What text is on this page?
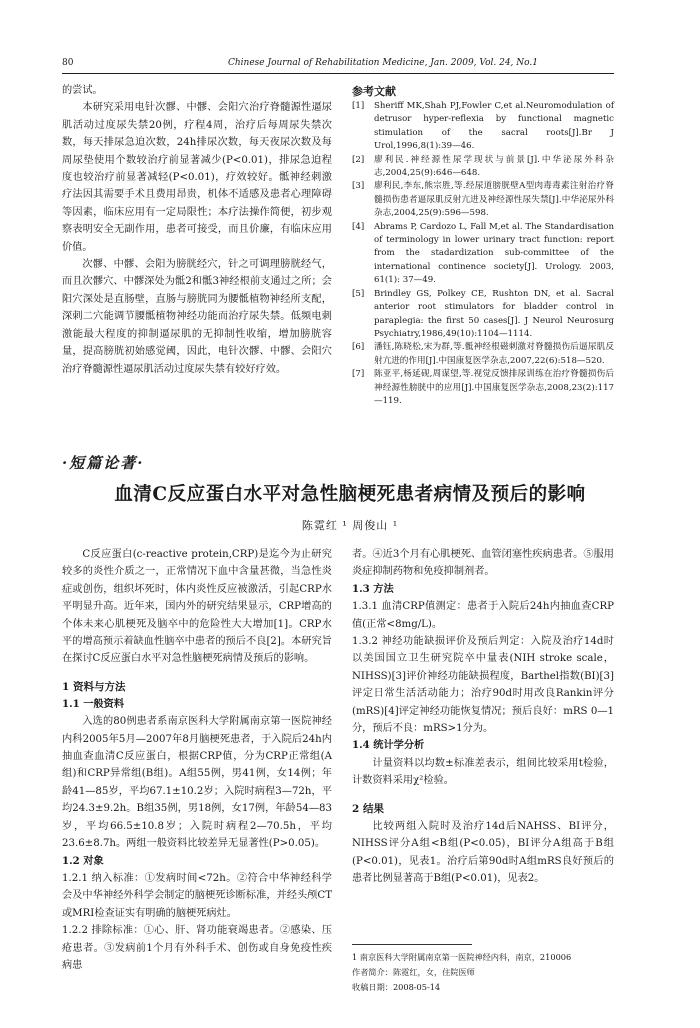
80	Chinese Journal of Rehabilitation Medicine, Jan. 2009, Vol. 24, No.1

的尝试。

本研究采用电针次髎、中髎、会阳穴治疗脊髓源性逼尿肌活动过度尿失禁20例，疗程4周，治疗后每周尿失禁次数，每天排尿急迫次数，24h排尿次数，每天夜尿次数及每周尿垫使用个数较治疗前显著减少(P<0.01)，排尿急迫程度也较治疗前显著减轻(P<0.01)，疗效较好。骶神经刺激疗法因其需要手术且费用昂贵，机体不适感及患者心理障碍等因素，临床应用有一定局限性；本疗法操作简便，初步观察表明安全无副作用，患者可接受，而且价廉，有临床应用价值。

次髎、中髎、会阳为膀胱经穴，针之可调理膀胱经气，而且次髎穴、中髎深处为骶2和骶3神经根前支通过之所；会阳穴深处是直肠壁，直肠与膀胱同为腰骶植物神经所支配，深刺二穴能调节腰骶植物神经功能而治疗尿失禁。低频电刺激能最大程度的抑制逼尿肌的无抑制性收缩，增加膀胱容量，提高膀胱初始感觉阈，因此，电针次髎、中髎、会阳穴治疗脊髓源性逼尿肌活动过度尿失禁有较好疗效。

参考文献
[1]	Sheriff MK,Shah PJ,Fowler C,et al.Neuromodulation of detrusor hyper-reflexia by functional magnetic stimulation of the sacral roots[J].Br J Urol,1996,8(1):39—46.
[2]	廖利民.神经源性尿学现状与前景[J].中华泌尿外科杂志,2004,25(9):646—648.
[3]	廖利民,李东,熊宗胜,等.经尿道膀胱壁A型肉毒毒素注射治疗脊髓损伤患者逼尿肌反射亢进及神经源性尿失禁[J].中华泌尿外科杂志,2004,25(9):596—598.
[4]	Abrams P, Cardozo L, Fall M,et al. The Standardisation of terminology in lower urinary tract function: report from the stadardization sub-committee of the international continence society[J]. Urology. 2003, 61(1): 37—49.
[5]	Brindley GS, Polkey CE, Rushton DN, et al. Sacral anterior root stimulators for bladder control in paraplegia: the first 50 cases[J]. J Neurol Neurosurg Psychiatry,1986,49(10):1104—1114.
[6]	潘钰,陈晓松,宋为群,等.骶神经根磁刺激对脊髓损伤后逼尿肌反射亢进的作用[J].中国康复医学杂志,2007,22(6):518—520.
[7]	陈亚平,杨延砚,周谋望,等.视觉反馈排尿训练在治疗脊髓损伤后神经源性膀胱中的应用[J].中国康复医学杂志,2008,23(2):117—119.
·短篇论著·
血清C反应蛋白水平对急性脑梗死患者病情及预后的影响
陈霓红 ¹ 周俊山 ¹

C反应蛋白(c-reactive protein,CRP)是迄今为止研究较多的炎性介质之一，正常情况下血中含量甚微，当急性炎症或创伤，组织坏死时，体内炎性反应被激活，引起CRP水平明显升高。近年来，国内外的研究结果显示，CRP增高的个体未来心肌梗死及脑卒中的危险性大大增加[1]。CRP水平的增高预示着缺血性脑卒中患者的预后不良[2]。本研究旨在探讨C反应蛋白水平对急性脑梗死病情及预后的影响。

1 资料与方法
1.1 一般资料

入选的80例患者系南京医科大学附属南京第一医院神经内科2005年5月—2007年8月脑梗死患者，于入院后24h内抽血查血清C反应蛋白，根据CRP值，分为CRP正常组(A组)和CRP异常组(B组)。A组55例，男41例，女14例；年龄41—85岁，平均67.1±10.2岁；入院时病程3—72h，平均24.3±9.2h。B组35例，男18例，女17例，年龄54—83岁，平均66.5±10.8岁；入院时病程2—70.5h，平均23.6±8.7h。两组一般资料比较差异无显著性(P>0.05)。

1.2 对象

1.2.1 纳入标准：①发病时间<72h。②符合中华神经科学会及中华神经外科学会制定的脑梗死诊断标准，并经头颅CT或MRI检查证实有明确的脑梗死病灶。

1.2.2 排除标准：①心、肝、肾功能衰竭患者。②感染、压疮患者。③发病前1个月有外科手术、创伤或自身免疫性疾病患

者。④近3个月有心肌梗死、血管闭塞性疾病患者。⑤服用炎症抑制药物和免疫抑制剂者。

1.3 方法

1.3.1 血清CRP值测定：患者于入院后24h内抽血查CRP值(正常<8mg/L)。

1.3.2 神经功能缺损评价及预后判定：入院及治疗14d时以美国国立卫生研究院卒中量表(NIH stroke scale，NIHSS)[3]评价神经功能缺损程度，Barthel指数(BI)[3]评定日常生活活动能力；治疗90d时用改良Rankin评分(mRS)[4]评定神经功能恢复情况；预后良好：mRS 0—1分，预后不良：mRS>1分为。

1.4 统计学分析

计量资料以均数±标准差表示，组间比较采用t检验，计数资料采用χ²检验。

2 结果

比较两组入院时及治疗14d后NAHSS、BI评分，NIHSS评分A组<B组(P<0.05)，BI评分A组高于B组(P<0.01)，见表1。治疗后第90d时A组mRS良好预后的患者比例显著高于B组(P<0.01)，见表2。

1 南京医科大学附属南京第一医院神经内科，南京，210006
作者简介：陈霓红，女，住院医师
收稿日期：2008-05-14
